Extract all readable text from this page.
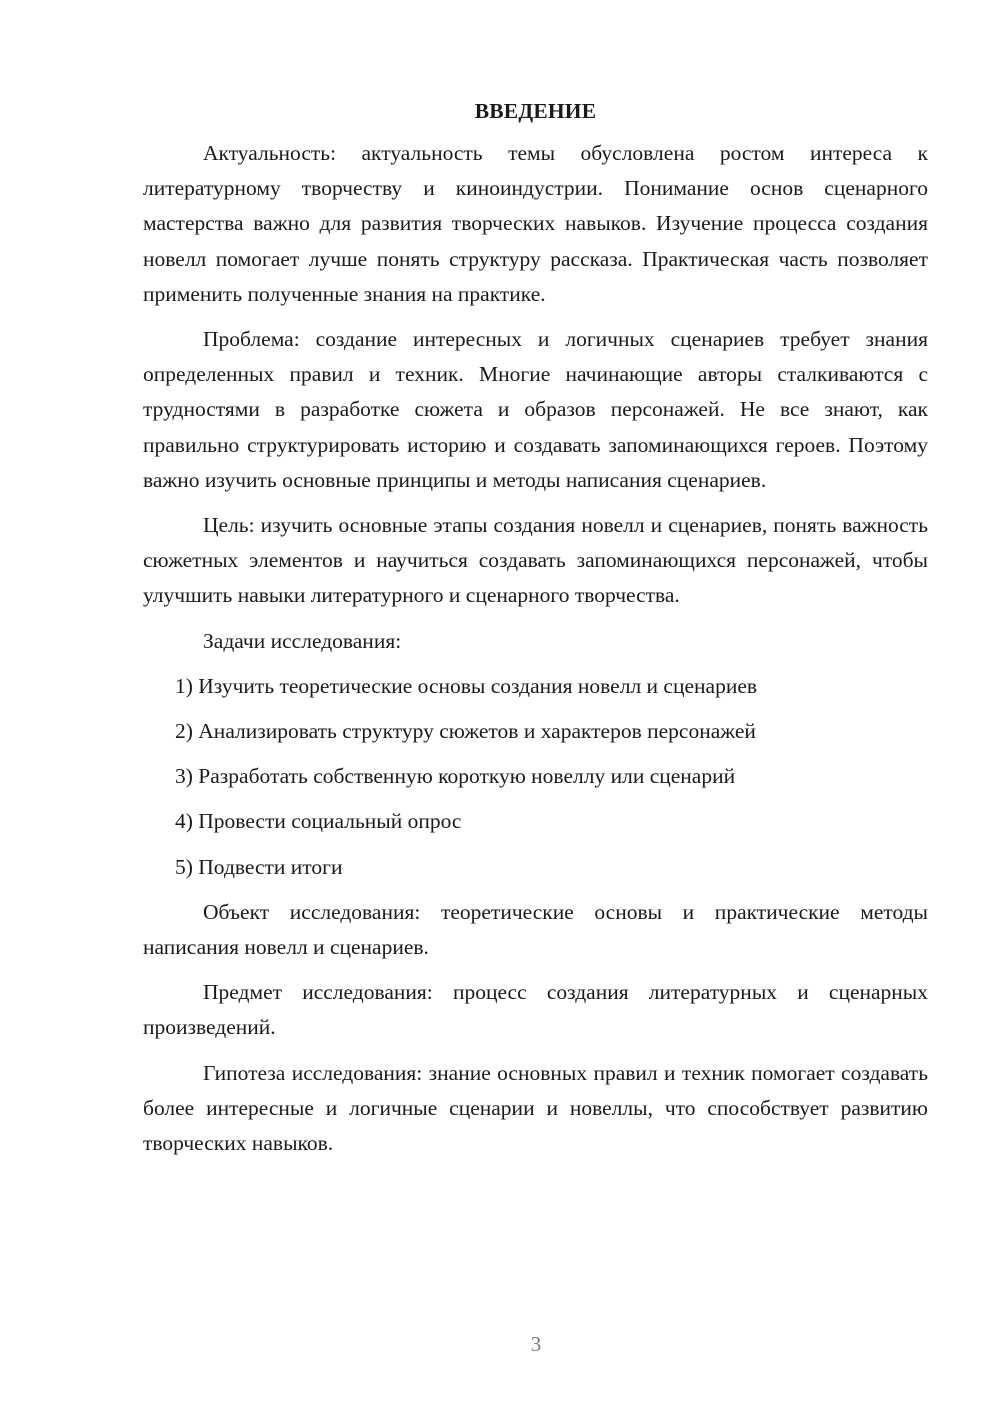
ВВЕДЕНИЕ

Актуальность: актуальность темы обусловлена ростом интереса к литературному творчеству и киноиндустрии. Понимание основ сценарного мастерства важно для развития творческих навыков. Изучение процесса создания новелл помогает лучше понять структуру рассказа. Практическая часть позволяет применить полученные знания на практике.

Проблема: создание интересных и логичных сценариев требует знания определенных правил и техник. Многие начинающие авторы сталкиваются с трудностями в разработке сюжета и образов персонажей. Не все знают, как правильно структурировать историю и создавать запоминающихся героев. Поэтому важно изучить основные принципы и методы написания сценариев.

Цель: изучить основные этапы создания новелл и сценариев, понять важность сюжетных элементов и научиться создавать запоминающихся персонажей, чтобы улучшить навыки литературного и сценарного творчества.

Задачи исследования:

1) Изучить теоретические основы создания новелл и сценариев

2) Анализировать структуру сюжетов и характеров персонажей

3) Разработать собственную короткую новеллу или сценарий

4) Провести социальный опрос

5) Подвести итоги

Объект исследования: теоретические основы и практические методы написания новелл и сценариев.

Предмет исследования: процесс создания литературных и сценарных произведений.

Гипотеза исследования: знание основных правил и техник помогает создавать более интересные и логичные сценарии и новеллы, что способствует развитию творческих навыков.

3
